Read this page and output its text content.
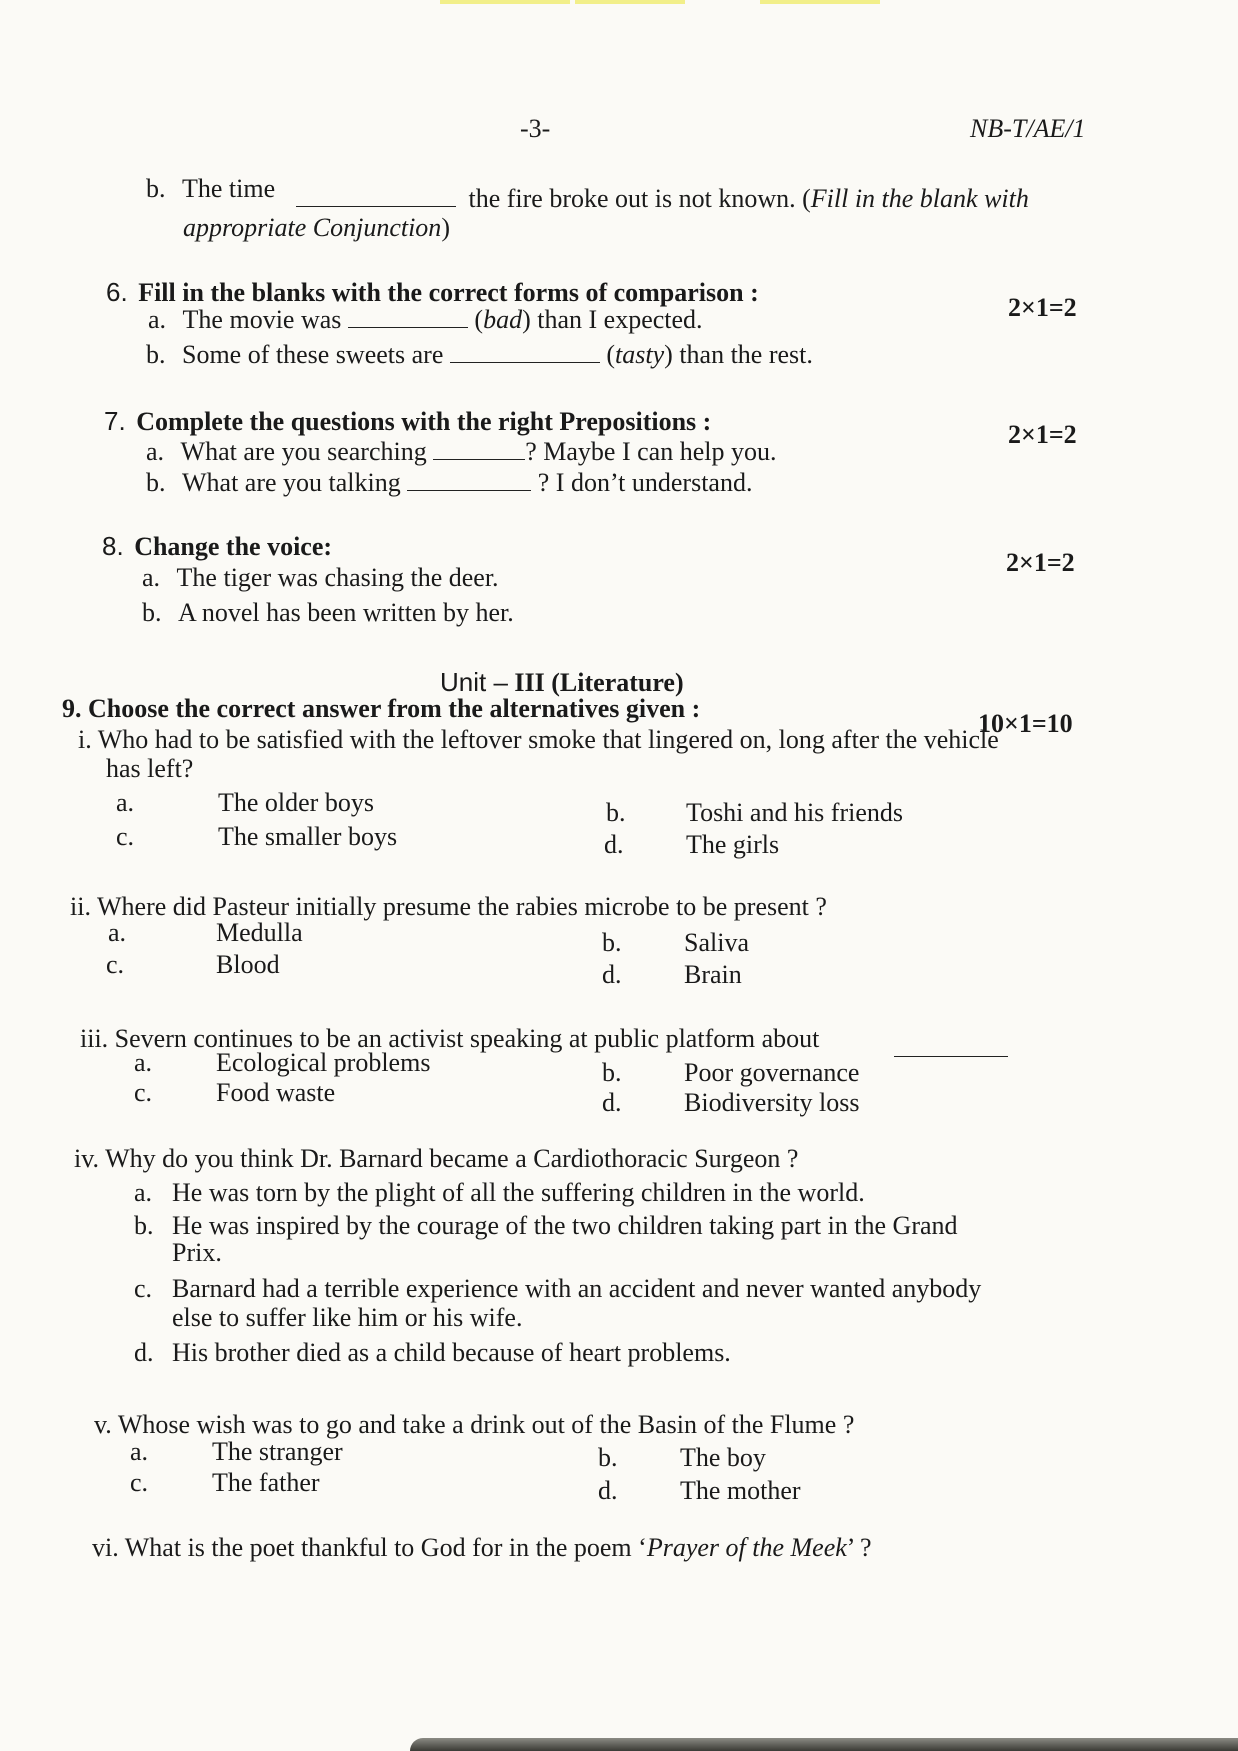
-3-	NB-T/AE/1
b. The time	the fire broke out is not known. (Fill in the blank with
appropriate Conjunction)
6. Fill in the blanks with the correct forms of comparison :
2×1=2
a. The movie was	(bad) than I expected.
b. Some of these sweets are	(tasty) than the rest.
7. Complete the questions with the right Prepositions :	2×1=2
a. What are you searching	? Maybe I can help you.
b. What are you talking	? I don’t understand.
8. Change the voice:
2×1=2
a. The tiger was chasing the deer.
b. A novel has been written by her.
Unit – III (Literature)
9. Choose the correct answer from the alternatives given :
10×1=10
i. Who had to be satisfied with the leftover smoke that lingered on, long after the vehicle
has left?
a.	The older boys	b. Toshi and his friends
c.	The smaller boys	d. The girls
ii. Where did Pasteur initially presume the rabies microbe to be present ?
a.	Medulla	b. Saliva
c.	Blood	d. Brain
iii. Severn continues to be an activist speaking at public platform about
a. Ecological problems	b. Poor governance
c. Food waste	d. Biodiversity loss
iv. Why do you think Dr. Barnard became a Cardiothoracic Surgeon ?
a. He was torn by the plight of all the suffering children in the world.
b. He was inspired by the courage of the two children taking part in the Grand
Prix.
c. Barnard had a terrible experience with an accident and never wanted anybody
else to suffer like him or his wife.
d. His brother died as a child because of heart problems.
v. Whose wish was to go and take a drink out of the Basin of the Flume ?
a. The stranger	b. The boy
c. The father	d. The mother
vi. What is the poet thankful to God for in the poem ‘Prayer of the Meek’ ?
